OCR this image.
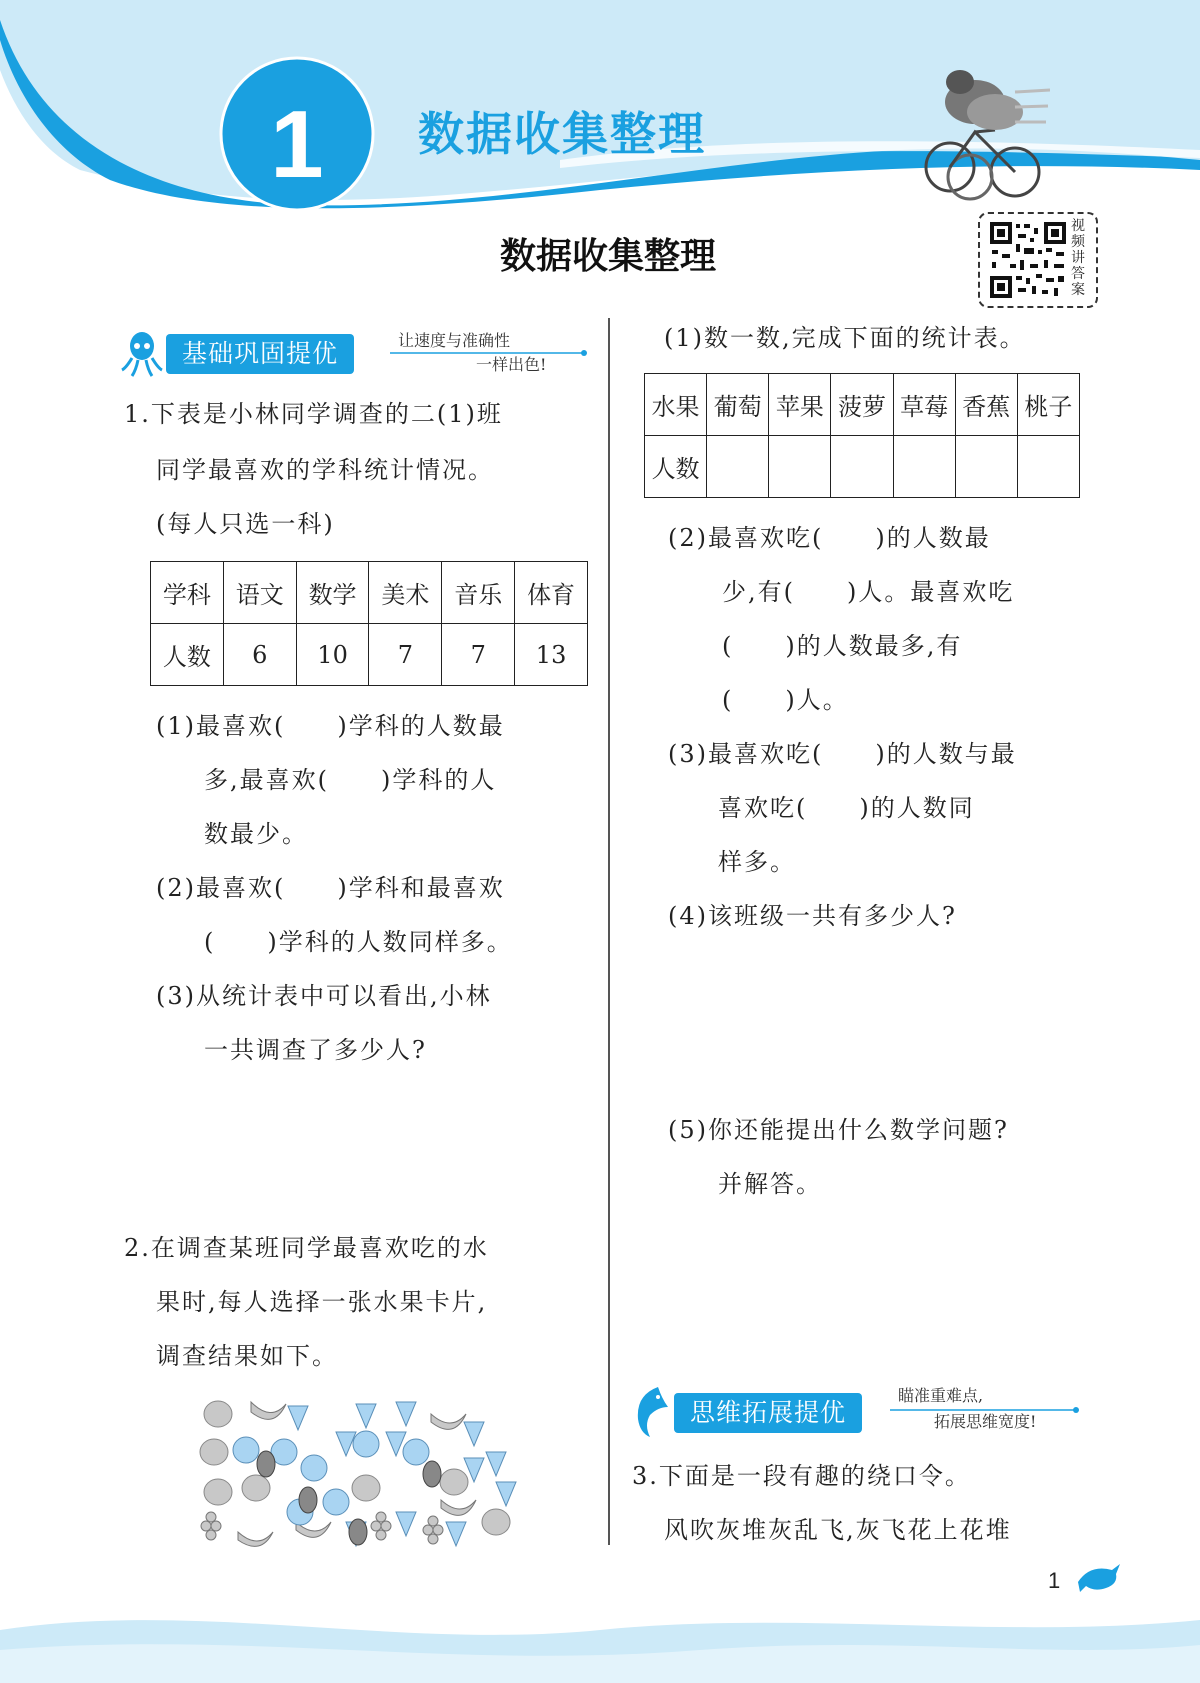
1	数据收集整理
数据收集整理
视频讲答案
基础巩固提优	让速度与准确性
一样出色!
1.下表是小林同学调查的二(1)班
同学最喜欢的学科统计情况。
(每人只选一科)
学科	语文	数学	美术	音乐	体育
人数	6	10	7	7	13
(1)最喜欢(　　)学科的人数最
多,最喜欢(　　)学科的人
数最少。
(2)最喜欢(　　)学科和最喜欢
(　　)学科的人数同样多。
(3)从统计表中可以看出,小林
一共调查了多少人?
2.在调查某班同学最喜欢吃的水
果时,每人选择一张水果卡片,
调查结果如下。
(1)数一数,完成下面的统计表。
水果	葡萄	苹果	菠萝	草莓	香蕉	桃子
人数						
(2)最喜欢吃(　　)的人数最
少,有(　　)人。最喜欢吃
(　　)的人数最多,有
(　　)人。
(3)最喜欢吃(　　)的人数与最
喜欢吃(　　)的人数同
样多。
(4)该班级一共有多少人?
(5)你还能提出什么数学问题?
并解答。
思维拓展提优
瞄准重难点,
拓展思维宽度!
3.下面是一段有趣的绕口令。
风吹灰堆灰乱飞,灰飞花上花堆
1
